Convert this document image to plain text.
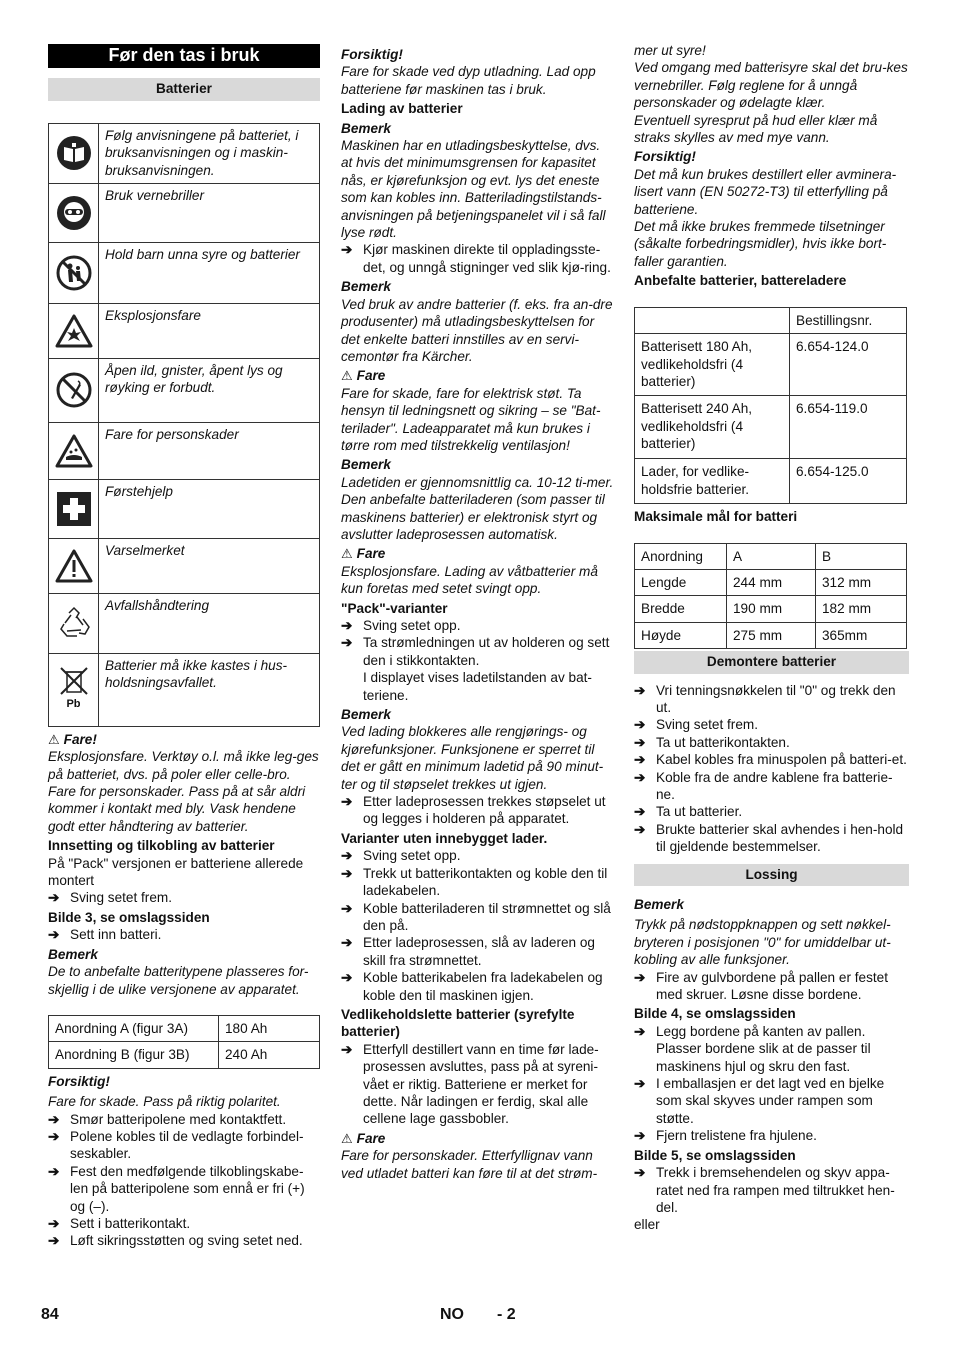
Før den tas i bruk
Batterier
	Følg anvisningene på batteriet, i bruksanvisningen og i maskin-bruksanvisningen.

	Bruk vernebriller

	Hold barn unna syre og batterier

	Eksplosjonsfare

	Åpen ild, gnister, åpent lys og røyking er forbudt.

	Fare for personskader

	Førstehjelp

	Varselmerket

	Avfallshåndtering

Pb	Batterier må ikke kastes i hus-holdsningsavfallet.

⚠ Fare!

Eksplosjonsfare. Verktøy o.l. må ikke leg-ges på batteriet, dvs. på poler eller celle-bro.

Fare for personskader. Pass på at sår aldri kommer i kontakt med bly. Vask hendene godt etter håndtering av batterier.

Innsetting og tilkobling av batterier

På "Pack" versjonen er batteriene allerede montert

➔ Sving setet frem.

Bilde 3, se omslagssiden

➔ Sett inn batteri.

Bemerk

De to anbefalte batteritypene plasseres for-skjellig i de ulike versjonene av apparatet.

Anordning A (figur 3A)	180 Ah
Anordning B (figur 3B)	240 Ah

Forsiktig!

Fare for skade. Pass på riktig polaritet.

➔ Smør batteripolene med kontaktfett.

➔ Polene kobles til de vedlagte forbindel-seskabler.

➔ Fest den medfølgende tilkoblingskabe-len på batteripolene som ennå er fri (+) og (–).

➔ Sett i batterikontakt.

➔ Løft sikringsstøtten og sving setet ned.

Forsiktig!

Fare for skade ved dyp utladning. Lad opp batteriene før maskinen tas i bruk.

Lading av batterier

Bemerk

Maskinen har en utladingsbeskyttelse, dvs. at hvis det minimumsgrensen for kapasitet nås, er kjørefunksjon og evt. lys det eneste som kan kobles inn. Batteriladingstilstands-anvisningen på betjeningspanelet vil i så fall lyse rødt.

➔ Kjør maskinen direkte til oppladingsste-det, og unngå stigninger ved slik kjø-ring.

Bemerk

Ved bruk av andre batterier (f. eks. fra an-dre produsenter) må utladingsbeskyttelsen for det enkelte batteri innstilles av en servi-cemontør fra Kärcher.

⚠ Fare

Fare for skade, fare for elektrisk støt. Ta hensyn til ledningsnett og sikring – se "Bat-terilader". Ladeapparatet må kun brukes i tørre rom med tilstrekkelig ventilasjon!

Bemerk

Ladetiden er gjennomsnittlig ca. 10-12 ti-mer.

Den anbefalte batteriladeren (som passer til maskinens batterier) er elektronisk styrt og avslutter ladeprosessen automatisk.

⚠ Fare

Eksplosjonsfare. Lading av våtbatterier må kun foretas med setet svingt opp.

"Pack"-varianter

➔ Sving setet opp.

➔ Ta strømledningen ut av holderen og sett den i stikkontakten.

I displayet vises ladetilstanden av bat-teriene.

Bemerk

Ved lading blokkeres alle rengjørings- og kjørefunksjoner. Funksjonene er sperret til det er gått en minimum ladetid på 90 minut-ter og til støpselet trekkes ut igjen.

➔ Etter ladeprosessen trekkes støpselet ut og legges i holderen på apparatet.

Varianter uten innebygget lader.

➔ Sving setet opp.

➔ Trekk ut batterikontakten og koble den til ladekabelen.

➔ Koble batteriladeren til strømnettet og slå den på.

➔ Etter ladeprosessen, slå av laderen og skill fra strømnettet.

➔ Koble batterikabelen fra ladekabelen og koble den til maskinen igjen.

Vedlikeholdslette batterier (syrefylte batterier)

➔ Etterfyll destillert vann en time før lade-prosessen avsluttes, pass på at syreni-vået er riktig. Batteriene er merket for dette. Når ladingen er ferdig, skal alle cellene lage gassbobler.

⚠ Fare

Fare for personskader. Etterfyllignav vann ved utladet batteri kan føre til at det strøm-

mer ut syre!

Ved omgang med batterisyre skal det bru-kes vernebriller. Følg reglene for å unngå personskader og ødelagte klær.

Eventuell syresprut på hud eller klær må straks skylles av med mye vann.

Forsiktig!

Det må kun brukes destillert eller avminera-lisert vann (EN 50272-T3) til etterfylling på batteriene.

Det må ikke brukes fremmede tilsetninger (såkalte forbedringsmidler), hvis ikke bort-faller garantien.

Anbefalte batterier, battereladere

	Bestillingsnr.
Batterisett 180 Ah, vedlikeholdsfri (4 batterier)	6.654-124.0
Batterisett 240 Ah, vedlikeholdsfri (4 batterier)	6.654-119.0
Lader, for vedlike-holdsfrie batterier.	6.654-125.0

Maksimale mål for batteri

Anordning	A	B
Lengde	244 mm	312 mm
Bredde	190 mm	182 mm
Høyde	275 mm	365mm
Demontere batterier

➔ Vri tenningsnøkkelen til "0" og trekk den ut.

➔ Sving setet frem.

➔ Ta ut batterikontakten.

➔ Kabel kobles fra minuspolen på batteri-et.

➔ Koble fra de andre kablene fra batterie-ne.

➔ Ta ut batterier.

➔ Brukte batterier skal avhendes i hen-hold til gjeldende bestemmelser.

Lossing

Bemerk

Trykk på nødstoppknappen og sett nøkkel-bryteren i posisjonen "0" for umiddelbar ut-kobling av alle funksjoner.

➔ Fire av gulvbordene på pallen er festet med skruer. Løsne disse bordene.

Bilde 4, se omslagssiden

➔ Legg bordene på kanten av pallen. Plasser bordene slik at de passer til maskinens hjul og skru den fast.

➔ I emballasjen er det lagt ved en bjelke som skal skyves under rampen som støtte.

➔ Fjern trelistene fra hjulene.

Bilde 5, se omslagssiden

➔ Trekk i bremsehendelen og skyv appa-ratet ned fra rampen med tiltrukket hen-del.

eller

84	NO - 2
